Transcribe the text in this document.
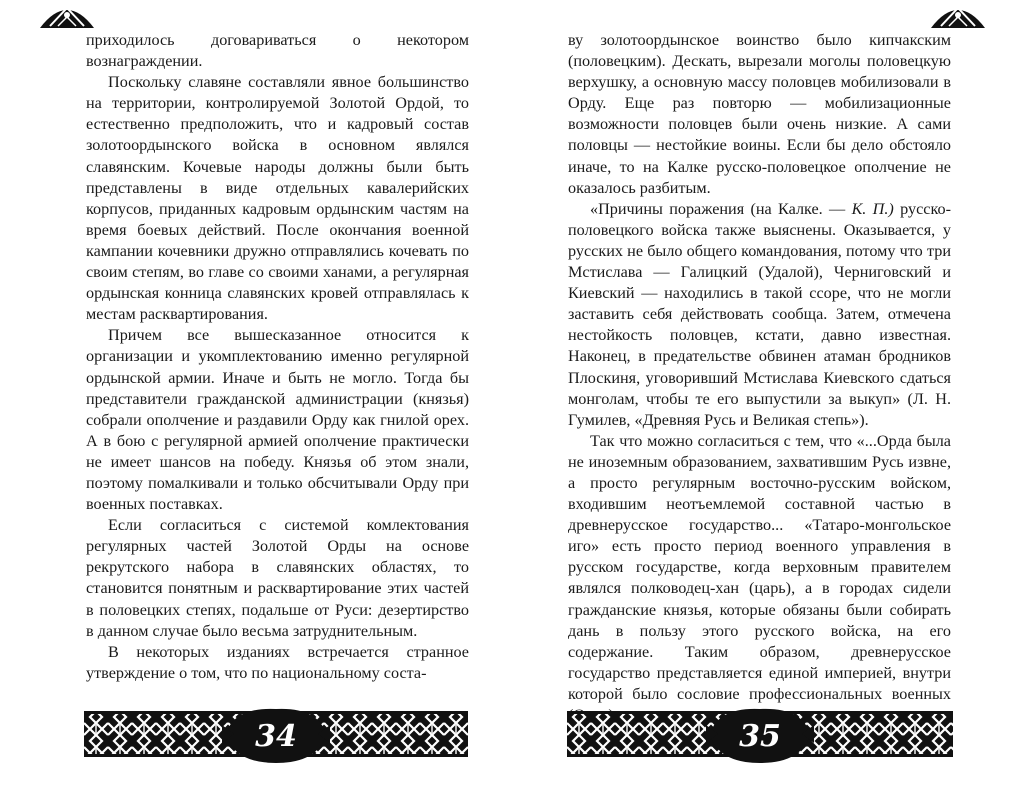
приходилось договариваться о некотором вознаграждении.

Поскольку славяне составляли явное большинство на территории, контролируемой Золотой Ордой, то естественно предположить, что и кадровый состав золотоордынского войска в основном являлся славянским. Кочевые народы должны были быть представлены в виде отдельных кавалерийских корпусов, приданных кадровым ордынским частям на время боевых действий. После окончания военной кампании кочевники дружно отправлялись кочевать по своим степям, во главе со своими ханами, а регулярная ордынская конница славянских кровей отправлялась к местам расквартирования.

Причем все вышесказанное относится к организации и укомплектованию именно регулярной ордынской армии. Иначе и быть не могло. Тогда бы представители гражданской администрации (князья) собрали ополчение и раздавили Орду как гнилой орех. А в бою с регулярной армией ополчение практически не имеет шансов на победу. Князья об этом знали, поэтому помалкивали и только обсчитывали Орду при военных поставках.

Если согласиться с системой комлектования регулярных частей Золотой Орды на основе рекрутского набора в славянских областях, то становится понятным и расквартирование этих частей в половецких степях, подальше от Руси: дезертирство в данном случае было весьма затруднительным.

В некоторых изданиях встречается странное утверждение о том, что по национальному соста-

34

ву золотоордынское воинство было кипчакским (половецким). Дескать, вырезали моголы половецкую верхушку, а основную массу половцев мобилизовали в Орду. Еще раз повторю — мобилизационные возможности половцев были очень низкие. А сами половцы — нестойкие воины. Если бы дело обстояло иначе, то на Калке русско-половецкое ополчение не оказалось разбитым.

«Причины поражения (на Калке. — К. П.) русско-половецкого войска также выяснены. Оказывается, у русских не было общего командования, потому что три Мстислава — Галицкий (Удалой), Черниговский и Киевский — находились в такой ссоре, что не могли заставить себя действовать сообща. Затем, отмечена нестойкость половцев, кстати, давно известная. Наконец, в предательстве обвинен атаман бродников Плоскиня, уговоривший Мстислава Киевского сдаться монголам, чтобы те его выпустили за выкуп» (Л. Н. Гумилев, «Древняя Русь и Великая степь»).

Так что можно согласиться с тем, что «...Орда была не иноземным образованием, захватившим Русь извне, а просто регулярным восточно-русским войском, входившим неотъемлемой составной частью в древнерусское государство... «Татаро-монгольское иго» есть просто период военного управления в русском государстве, когда верховным правителем являлся полководец-хан (царь), а в городах сидели гражданские князья, которые обязаны были собирать дань в пользу этого русского войска, на его содержание. Таким образом, древнерусское государство представляется единой империей, внутри которой было сословие профессиональных военных

35
